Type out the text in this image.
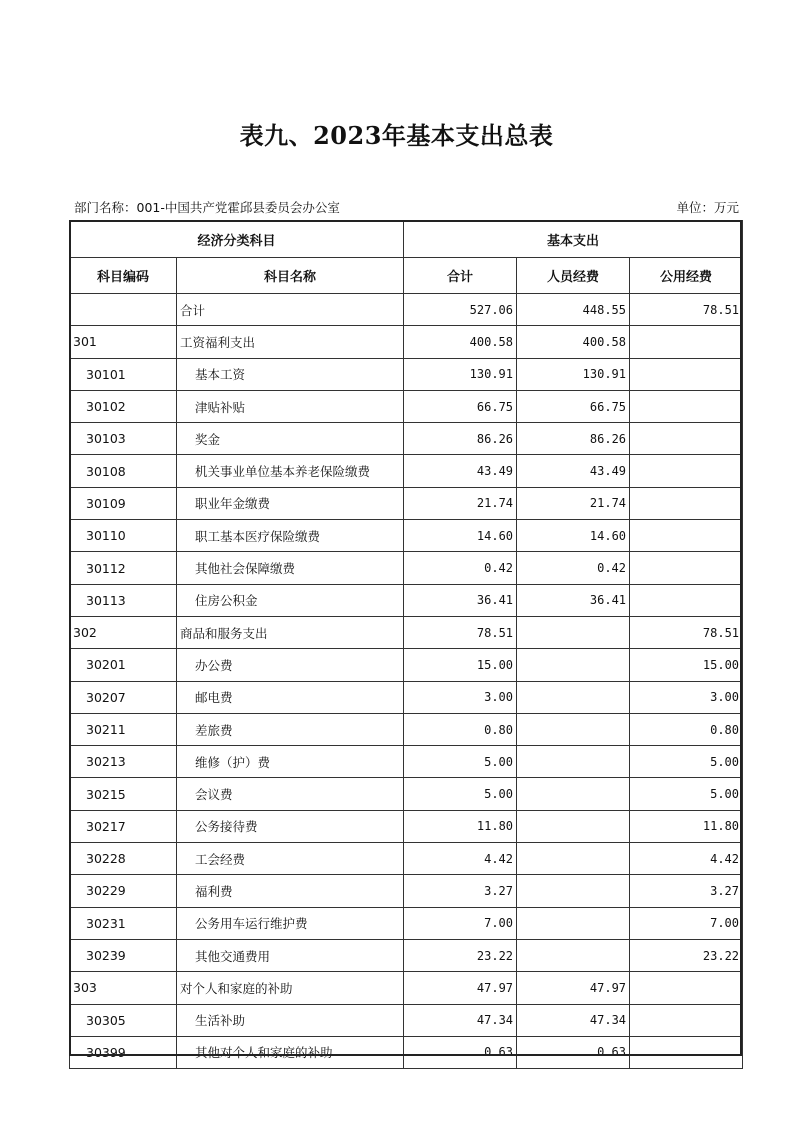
表九、2023年基本支出总表
部门名称：001-中国共产党霍邱县委员会办公室	单位：万元
经济分类科目		基本支出		
科目编码	科目名称	合计	人员经费	公用经费
	合计	527.06	448.55	78.51
301	工资福利支出	400.58	400.58	
30101	基本工资	130.91	130.91	
30102	津贴补贴	66.75	66.75	
30103	奖金	86.26	86.26	
30108	机关事业单位基本养老保险缴费	43.49	43.49	
30109	职业年金缴费	21.74	21.74	
30110	职工基本医疗保险缴费	14.60	14.60	
30112	其他社会保障缴费	0.42	0.42	
30113	住房公积金	36.41	36.41	
302	商品和服务支出	78.51		78.51
30201	办公费	15.00		15.00
30207	邮电费	3.00		3.00
30211	差旅费	0.80		0.80
30213	维修（护）费	5.00		5.00
30215	会议费	5.00		5.00
30217	公务接待费	11.80		11.80
30228	工会经费	4.42		4.42
30229	福利费	3.27		3.27
30231	公务用车运行维护费	7.00		7.00
30239	其他交通费用	23.22		23.22
303	对个人和家庭的补助	47.97	47.97	
30305	生活补助	47.34	47.34	
30399	其他对个人和家庭的补助	0.63	0.63	
